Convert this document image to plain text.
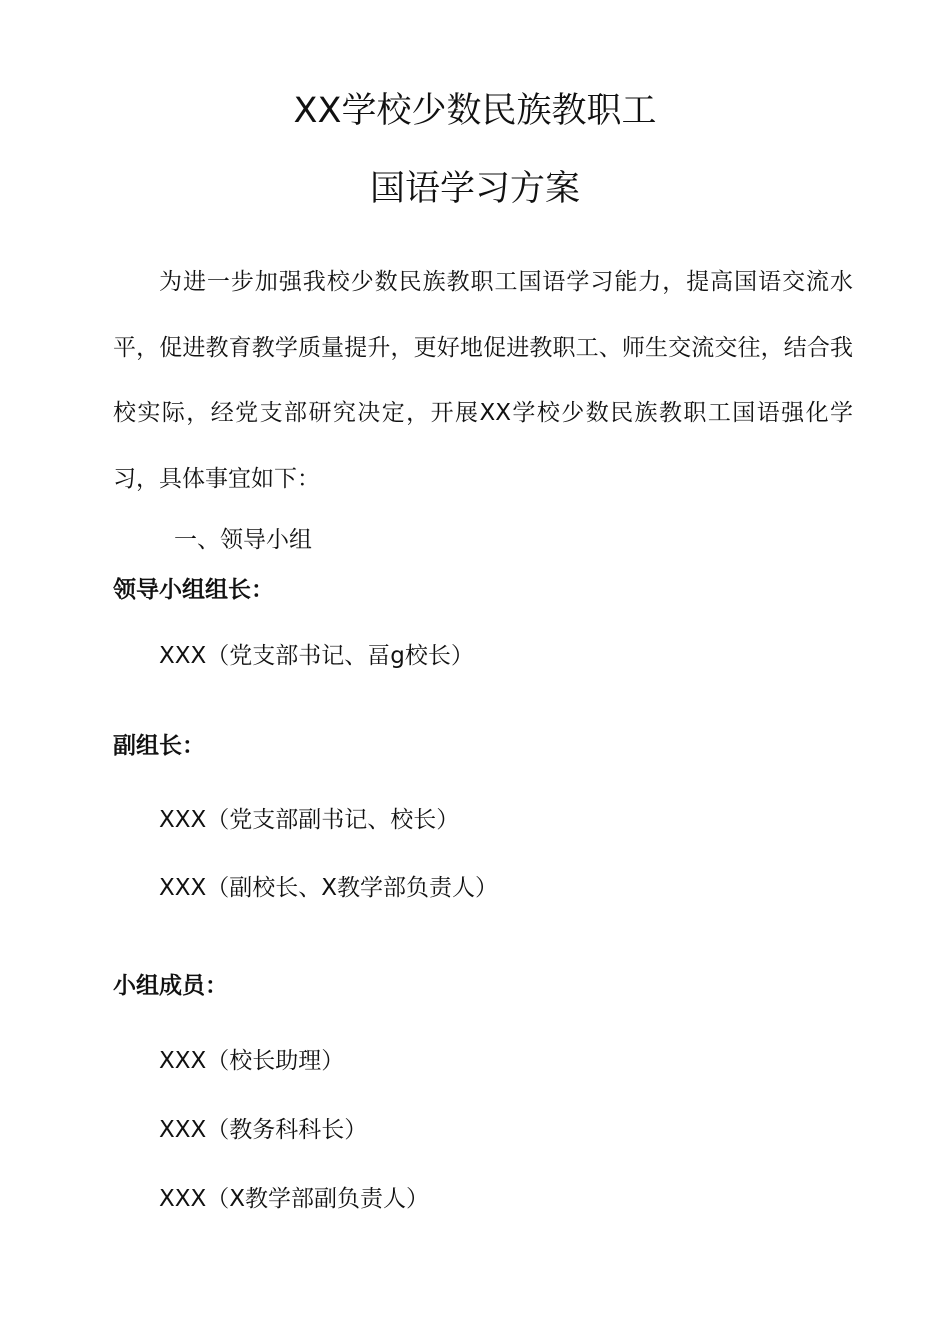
XX学校少数民族教职工
国语学习方案

为进一步加强我校少数民族教职工国语学习能力，提高国语交流水平，促进教育教学质量提升，更好地促进教职工、师生交流交往，结合我校实际，经党支部研究决定，开展XX学校少数民族教职工国语强化学习，具体事宜如下：

一、领导小组

领导小组组长：

XXX（党支部书记、畐g校长）

副组长：

XXX（党支部副书记、校长）

XXX（副校长、X教学部负责人）

小组成员：

XXX（校长助理）

XXX（教务科科长）

XXX（X教学部副负责人）
